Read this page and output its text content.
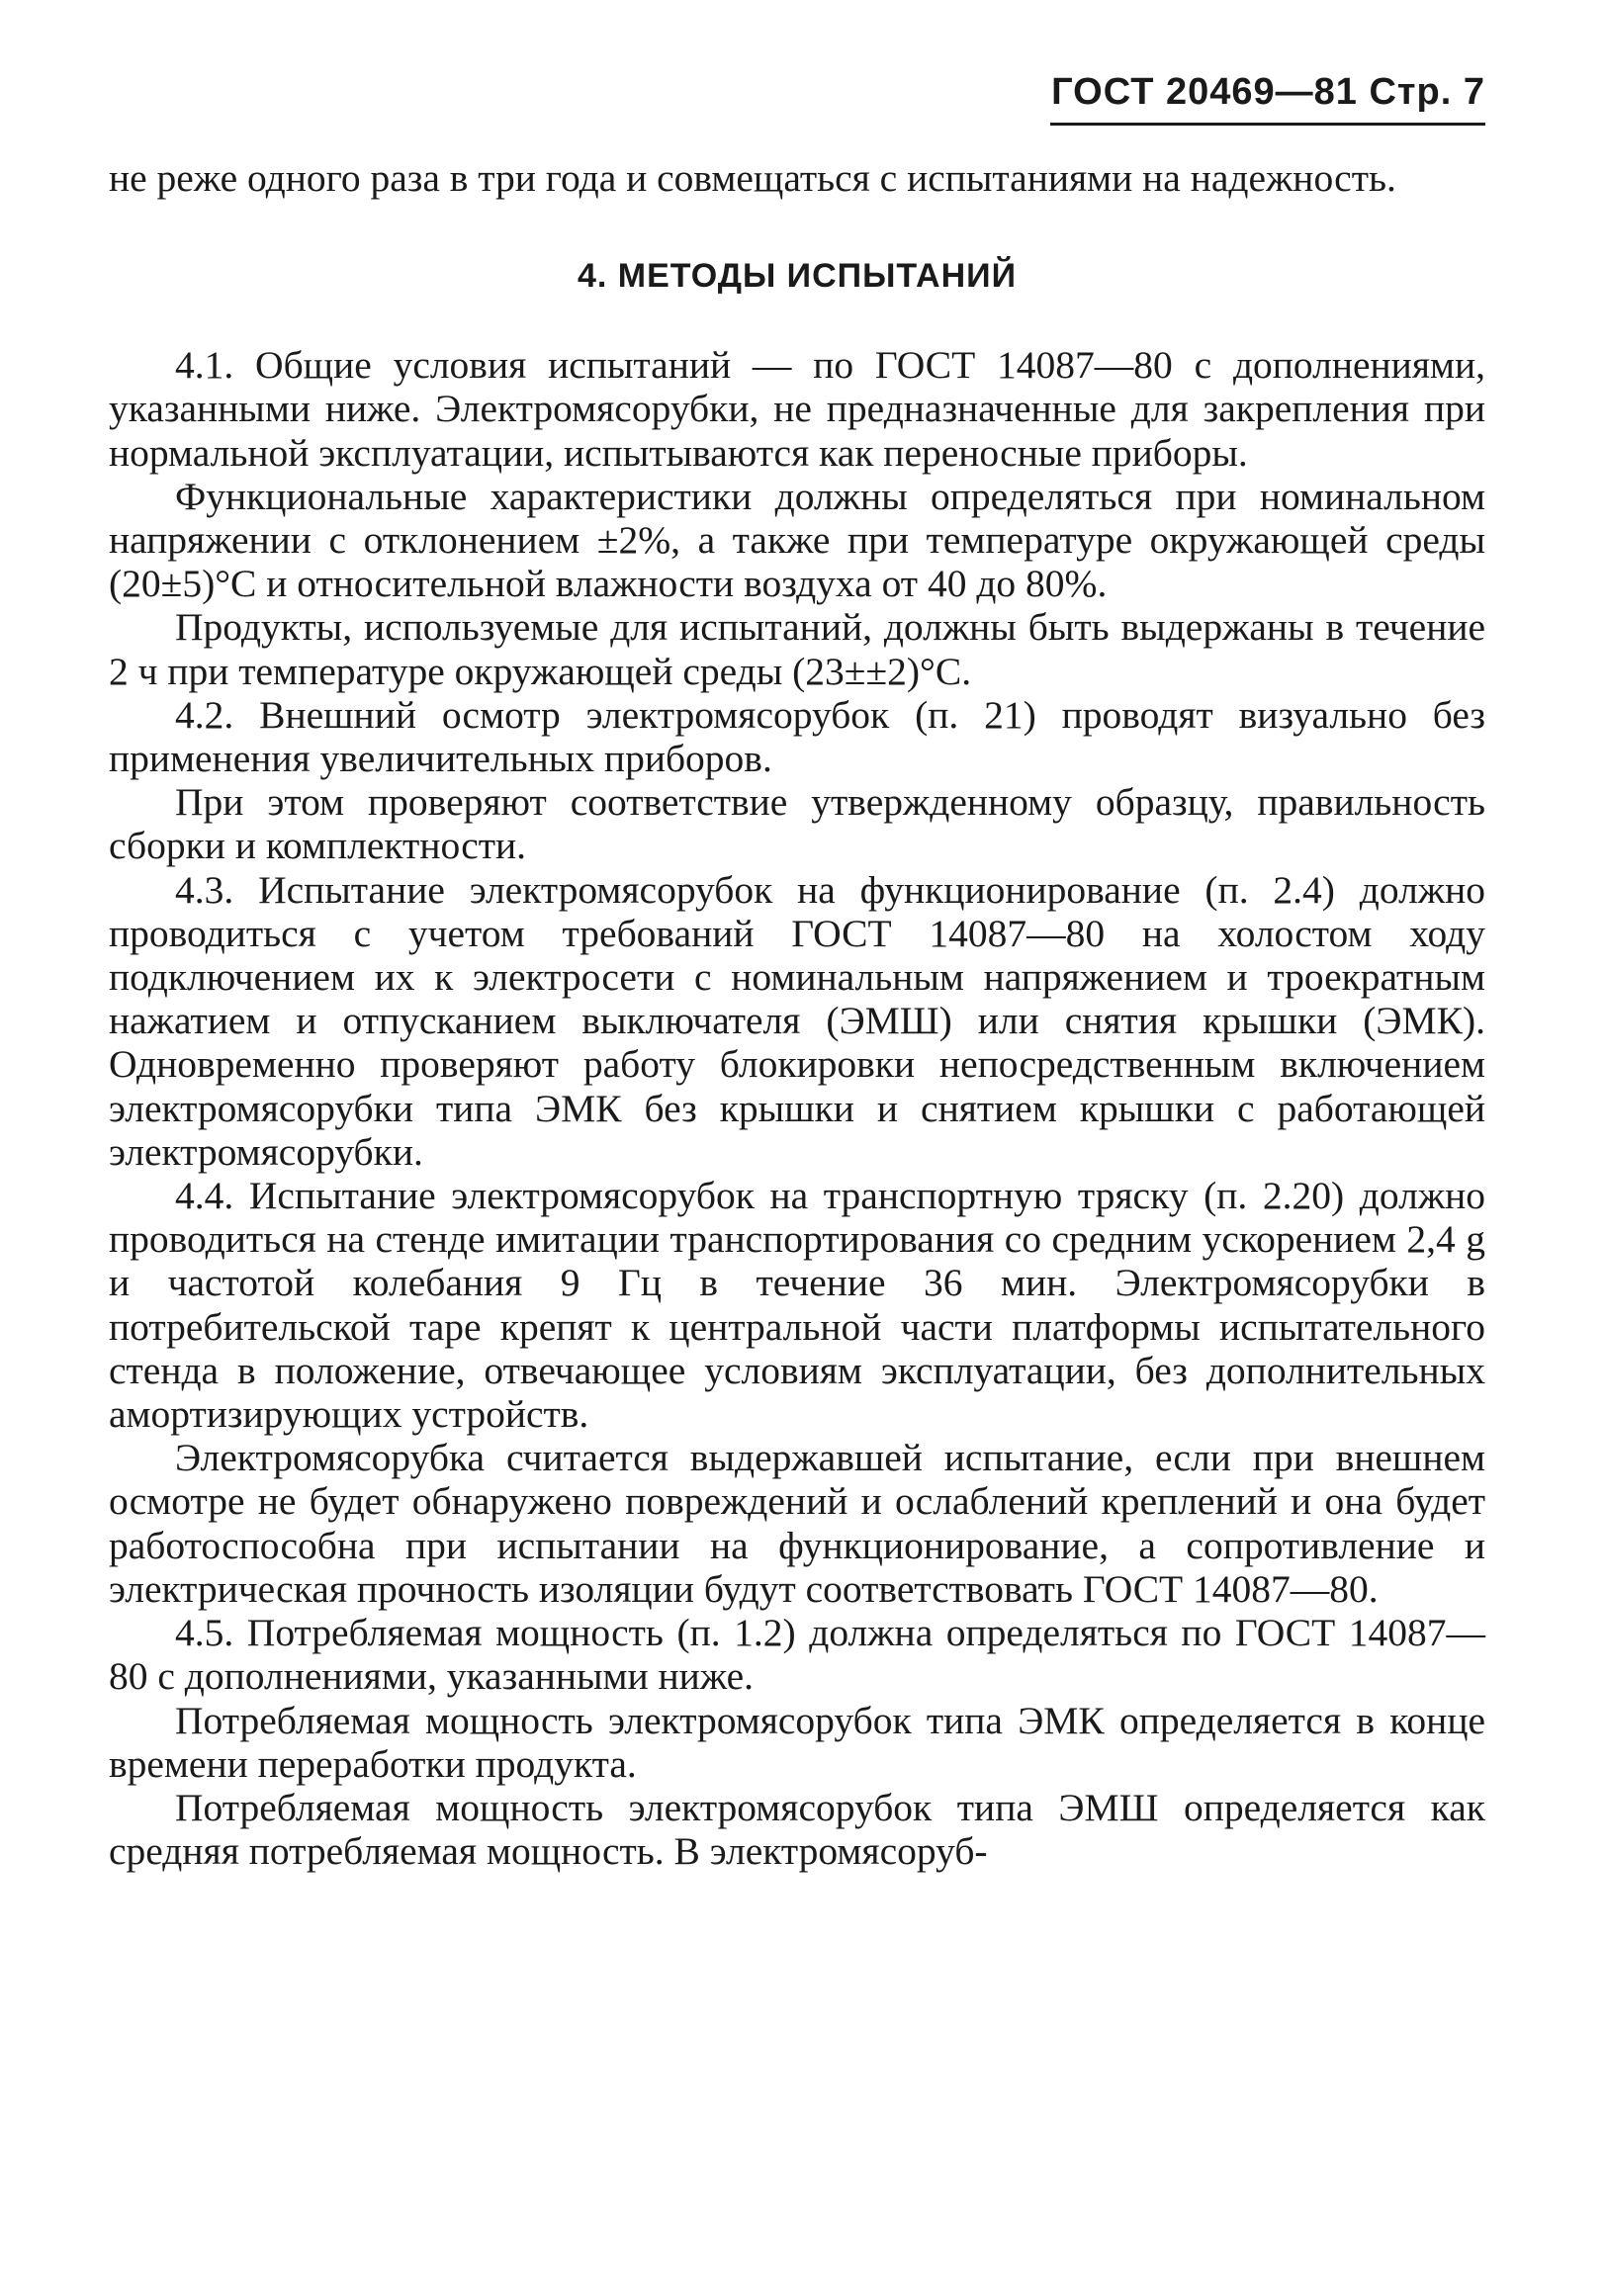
ГОСТ 20469—81 Стр. 7

не реже одного раза в три года и совмещаться с испытаниями на надежность.

4. МЕТОДЫ ИСПЫТАНИЙ

4.1. Общие условия испытаний — по ГОСТ 14087—80 с дополнениями, указанными ниже. Электромясорубки, не предназначенные для закрепления при нормальной эксплуатации, испытываются как переносные приборы.

Функциональные характеристики должны определяться при номинальном напряжении с отклонением ±2%, а также при температуре окружающей среды (20±5)°С и относительной влажности воздуха от 40 до 80%.

Продукты, используемые для испытаний, должны быть выдержаны в течение 2 ч при температуре окружающей среды (23±±2)°С.

4.2. Внешний осмотр электромясорубок (п. 21) проводят визуально без применения увеличительных приборов.

При этом проверяют соответствие утвержденному образцу, правильность сборки и комплектности.

4.3. Испытание электромясорубок на функционирование (п. 2.4) должно проводиться с учетом требований ГОСТ 14087—80 на холостом ходу подключением их к электросети с номинальным напряжением и троекратным нажатием и отпусканием выключателя (ЭМШ) или снятия крышки (ЭМК). Одновременно проверяют работу блокировки непосредственным включением электромясорубки типа ЭМК без крышки и снятием крышки с работающей электромясорубки.

4.4. Испытание электромясорубок на транспортную тряску (п. 2.20) должно проводиться на стенде имитации транспортирования со средним ускорением 2,4 g и частотой колебания 9 Гц в течение 36 мин. Электромясорубки в потребительской таре крепят к центральной части платформы испытательного стенда в положение, отвечающее условиям эксплуатации, без дополнительных амортизирующих устройств.

Электромясорубка считается выдержавшей испытание, если при внешнем осмотре не будет обнаружено повреждений и ослаблений креплений и она будет работоспособна при испытании на функционирование, а сопротивление и электрическая прочность изоляции будут соответствовать ГОСТ 14087—80.

4.5. Потребляемая мощность (п. 1.2) должна определяться по ГОСТ 14087—80 с дополнениями, указанными ниже.

Потребляемая мощность электромясорубок типа ЭМК определяется в конце времени переработки продукта.

Потребляемая мощность электромясорубок типа ЭМШ определяется как средняя потребляемая мощность. В электромясоруб-
